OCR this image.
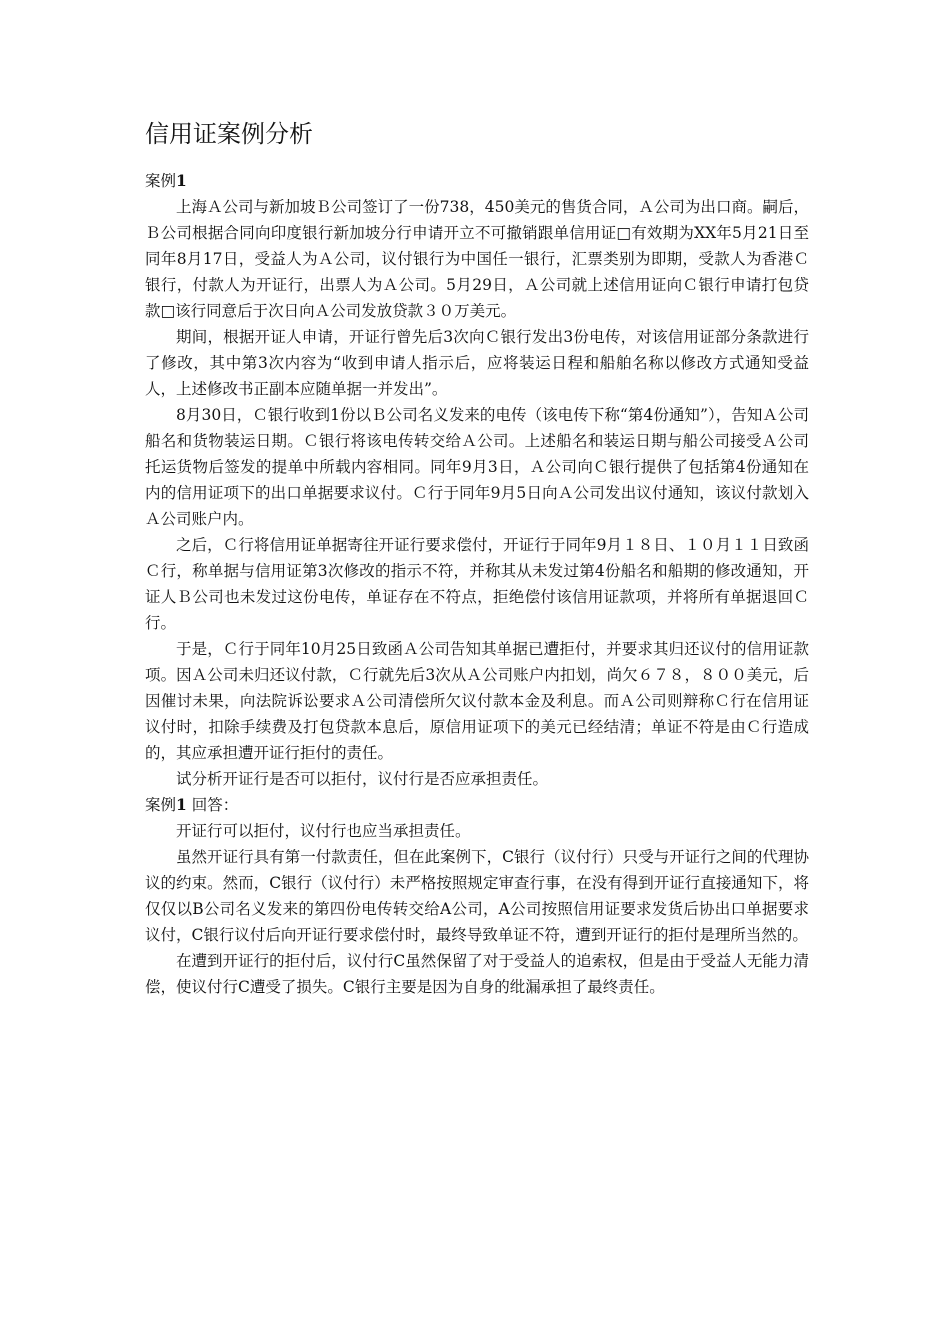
信用证案例分析
案例1

上海Ａ公司与新加坡Ｂ公司签订了一份738，450美元的售货合同，Ａ公司为出口商。嗣后，Ｂ公司根据合同向印度银行新加坡分行申请开立不可撤销跟单信用证□有效期为XX年5月21日至同年8月17日，受益人为Ａ公司，议付银行为中国任一银行，汇票类别为即期，受款人为香港Ｃ银行，付款人为开证行，出票人为Ａ公司。5月29日，Ａ公司就上述信用证向Ｃ银行申请打包贷款□该行同意后于次日向Ａ公司发放贷款３０万美元。

期间，根据开证人申请，开证行曾先后3次向Ｃ银行发出3份电传，对该信用证部分条款进行了修改，其中第3次内容为“收到申请人指示后，应将装运日程和船舶名称以修改方式通知受益人，上述修改书正副本应随单据一并发出”。

8月30日，Ｃ银行收到1份以Ｂ公司名义发来的电传（该电传下称“第4份通知”），告知Ａ公司船名和货物装运日期。Ｃ银行将该电传转交给Ａ公司。上述船名和装运日期与船公司接受Ａ公司托运货物后签发的提单中所载内容相同。同年9月3日，Ａ公司向Ｃ银行提供了包括第4份通知在内的信用证项下的出口单据要求议付。Ｃ行于同年9月5日向Ａ公司发出议付通知，该议付款划入Ａ公司账户内。

之后，Ｃ行将信用证单据寄往开证行要求偿付，开证行于同年9月１８日、１０月１１日致函Ｃ行，称单据与信用证第3次修改的指示不符，并称其从未发过第4份船名和船期的修改通知，开证人Ｂ公司也未发过这份电传，单证存在不符点，拒绝偿付该信用证款项，并将所有单据退回Ｃ行。

于是，Ｃ行于同年10月25日致函Ａ公司告知其单据已遭拒付，并要求其归还议付的信用证款项。因Ａ公司未归还议付款，Ｃ行就先后3次从Ａ公司账户内扣划，尚欠６７８，８００美元，后因催讨未果，向法院诉讼要求Ａ公司清偿所欠议付款本金及利息。而Ａ公司则辩称Ｃ行在信用证议付时，扣除手续费及打包贷款本息后，原信用证项下的美元已经结清；单证不符是由Ｃ行造成的，其应承担遭开证行拒付的责任。

试分析开证行是否可以拒付，议付行是否应承担责任。

案例1 回答：

开证行可以拒付，议付行也应当承担责任。

虽然开证行具有第一付款责任，但在此案例下，C银行（议付行）只受与开证行之间的代理协议的约束。然而，C银行（议付行）未严格按照规定审查行事，在没有得到开证行直接通知下，将仅仅以B公司名义发来的第四份电传转交给A公司，A公司按照信用证要求发货后协出口单据要求议付，C银行议付后向开证行要求偿付时，最终导致单证不符，遭到开证行的拒付是理所当然的。

在遭到开证行的拒付后，议付行C虽然保留了对于受益人的追索权，但是由于受益人无能力清偿，使议付行C遭受了损失。C银行主要是因为自身的纰漏承担了最终责任。
